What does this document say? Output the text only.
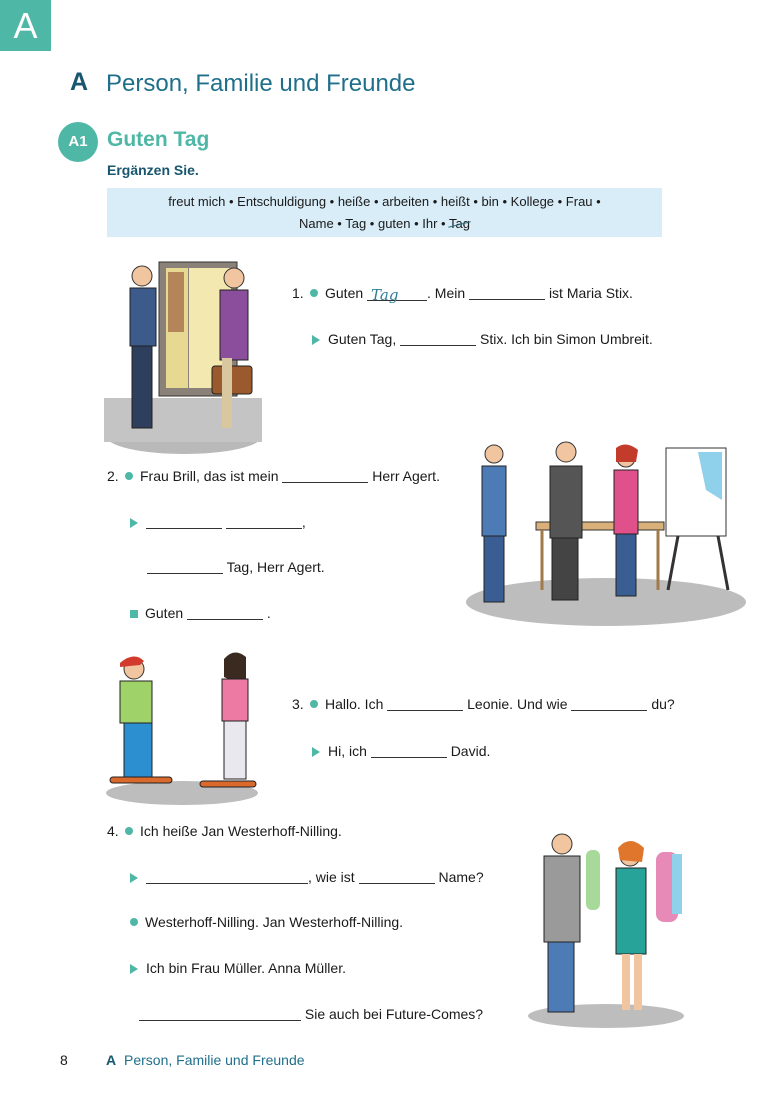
A
A Person, Familie und Freunde
A1 Guten Tag
Ergänzen Sie.
freut mich • Entschuldigung • heiße • arbeiten • heißt • bin • Kollege • Frau •
Name • Tag • guten • Ihr • Tag
1. Guten Tag . Mein	ist Maria Stix.
Guten Tag,	Stix. Ich bin Simon Umbreit.
2. Frau Brill, das ist mein	Herr Agert.
,
Tag, Herr Agert.
Guten	.
3. Hallo. Ich	Leonie. Und wie	du?
Hi, ich	David.
4. Ich heiße Jan Westerhoff-Nilling.
, wie ist	Name?
Westerhoff-Nilling. Jan Westerhoff-Nilling.
Ich bin Frau Müller. Anna Müller.
Sie auch bei Future-Comes?
8	A Person, Familie und Freunde
